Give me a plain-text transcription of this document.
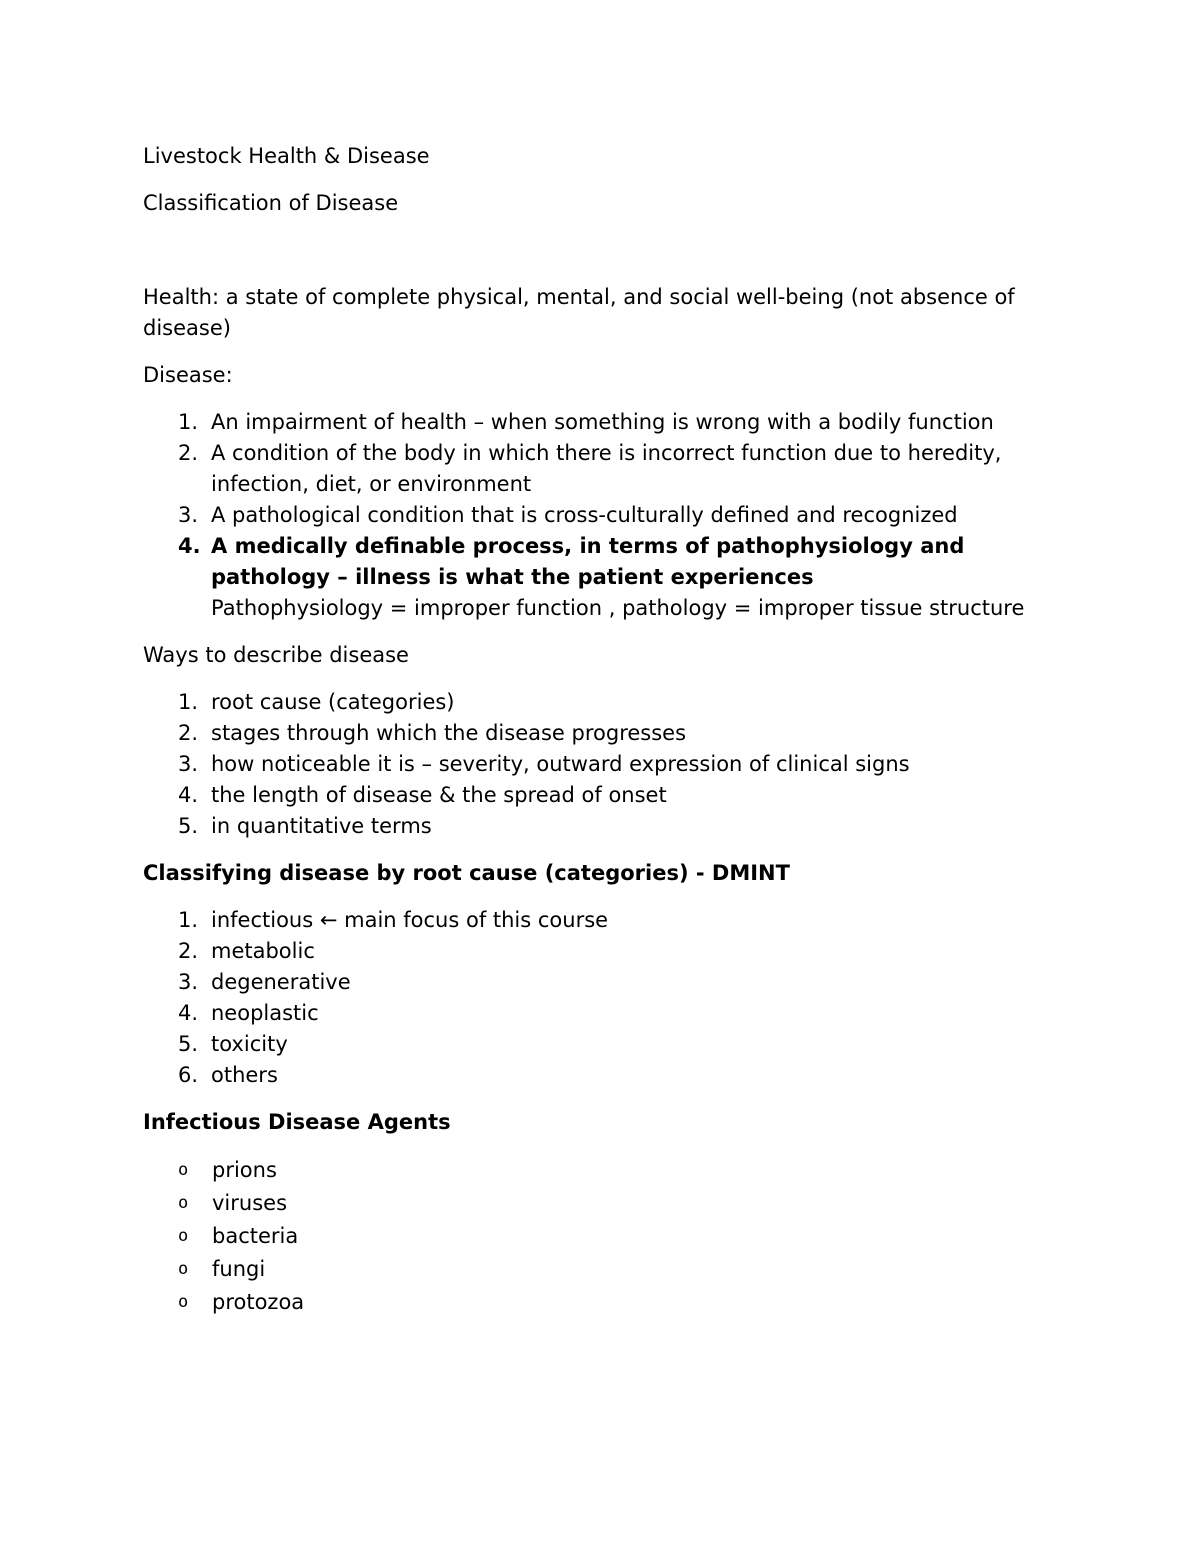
Livestock Health & Disease

Classification of Disease

Health: a state of complete physical, mental, and social well-being (not absence of disease)

Disease:

1. An impairment of health – when something is wrong with a bodily function
2. A condition of the body in which there is incorrect function due to heredity, infection, diet, or environment
3. A pathological condition that is cross-culturally defined and recognized
4. A medically definable process, in terms of pathophysiology and pathology – illness is what the patient experiences
Pathophysiology = improper function , pathology = improper tissue structure

Ways to describe disease

1. root cause (categories)
2. stages through which the disease progresses
3. how noticeable it is – severity, outward expression of clinical signs
4. the length of disease & the spread of onset
5. in quantitative terms

Classifying disease by root cause (categories) - DMINT

1. infectious ← main focus of this course
2. metabolic
3. degenerative
4. neoplastic
5. toxicity
6. others

Infectious Disease Agents

o	prions
o	viruses
o	bacteria
o	fungi
o	protozoa
